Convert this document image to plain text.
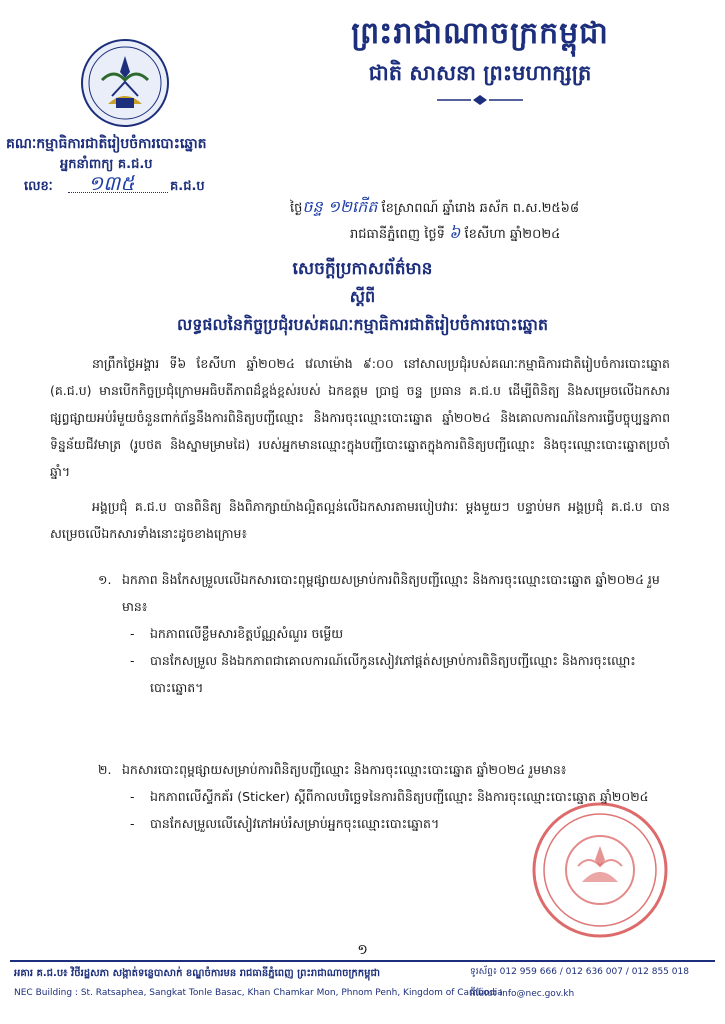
ព្រះរាជាណាចក្រកម្ពុជា
ជាតិ សាសនា ព្រះមហាក្សត្រ
គណៈកម្មាធិការជាតិរៀបចំការបោះឆ្នោត
អ្នកនាំពាក្យ គ.ជ.ប
លេខៈ ១៣៥	គ.ជ.ប
ថ្ងៃចន្ទ ១២កើត ខែស្រាពណ៍ ឆ្នាំរោង ឆស័ក ព.ស.២៥៦៨
រាជធានីភ្នំពេញ ថ្ងៃទី ៦ ខែសីហា ឆ្នាំ២០២៤
សេចក្តីប្រកាសព័ត៌មាន
ស្តីពី
លទ្ធផលនៃកិច្ចប្រជុំរបស់គណៈកម្មាធិការជាតិរៀបចំការបោះឆ្នោត

នាព្រឹកថ្ងៃអង្គារ ទី៦ ខែសីហា ឆ្នាំ២០២៤ វេលាម៉ោង ៩:០០ នៅសាលប្រជុំរបស់គណៈកម្មាធិការជាតិរៀបចំការបោះឆ្នោត (គ.ជ.ប) មានបើកកិច្ចប្រជុំក្រោមអធិបតីភាពដ៏ខ្ពង់ខ្ពស់របស់ ឯកឧត្តម ប្រាជ្ញ ចន្ទ ប្រធាន គ.ជ.ប ដើម្បីពិនិត្យ និងសម្រេចលើឯកសារផ្សព្វផ្សាយអប់រំមួយចំនួនពាក់ព័ន្ធនឹងការពិនិត្យបញ្ជីឈ្មោះ និងការចុះឈ្មោះបោះឆ្នោត ឆ្នាំ២០២៤ និងគោលការណ៍នៃការធ្វើបច្ចុប្បន្នភាពទិន្នន័យជីវមាត្រ (រូបថត និងស្នាមម្រាមដៃ) របស់អ្នកមានឈ្មោះក្នុងបញ្ជីបោះឆ្នោតក្នុងការពិនិត្យបញ្ជីឈ្មោះ និងចុះឈ្មោះបោះឆ្នោតប្រចាំឆ្នាំ។

អង្គប្រជុំ គ.ជ.ប បានពិនិត្យ និងពិភាក្សាយ៉ាងល្អិតល្អន់លើឯកសារតាមរបៀបវារៈ ម្តងមួយៗ បន្ទាប់មក អង្គប្រជុំ គ.ជ.ប បានសម្រេចលើឯកសារទាំងនោះដូចខាងក្រោម៖

១. ឯកភាព និងកែសម្រួលលើឯកសារបោះពុម្ពផ្សាយសម្រាប់ការពិនិត្យបញ្ជីឈ្មោះ និងការចុះឈ្មោះបោះឆ្នោត ឆ្នាំ២០២៤ រួមមាន៖
- ឯកភាពលើខ្លឹមសារខិត្តប័ណ្ណសំណួរ ចម្លើយ
- បានកែសម្រួល និងឯកភាពជាគោលការណ៍លើកូនសៀវភៅផ្តត់សម្រាប់ការពិនិត្យបញ្ជីឈ្មោះ និងការចុះឈ្មោះបោះឆ្នោត។
២. ឯកសារបោះពុម្ពផ្សាយសម្រាប់ការពិនិត្យបញ្ជីឈ្មោះ និងការចុះឈ្មោះបោះឆ្នោត ឆ្នាំ២០២៤ រួមមាន៖
- ឯកភាពលើស្ទីកគ័រ (Sticker) ស្តីពីកាលបរិច្ឆេទនៃការពិនិត្យបញ្ជីឈ្មោះ និងការចុះឈ្មោះបោះឆ្នោត ឆ្នាំ២០២៤
- បានកែសម្រួលលើសៀវភៅអប់រំសម្រាប់អ្នកចុះឈ្មោះបោះឆ្នោត។
១
អគារ គ.ជ.ប៖ វិថីរដ្ឋសភា សង្កាត់ទន្លេបាសាក់ ខណ្ឌចំការមន រាជធានីភ្នំពេញ ព្រះរាជាណាចក្រកម្ពុជា
NEC Building : St. Ratsaphea, Sangkat Tonle Basac, Khan Chamkar Mon, Phnom Penh, Kingdom of Cambodia
ទូរស័ព្ទ៖ 012 959 666 / 012 636 007 / 012 855 018
អ៊ីម៉ែល៖ info@nec.gov.kh
